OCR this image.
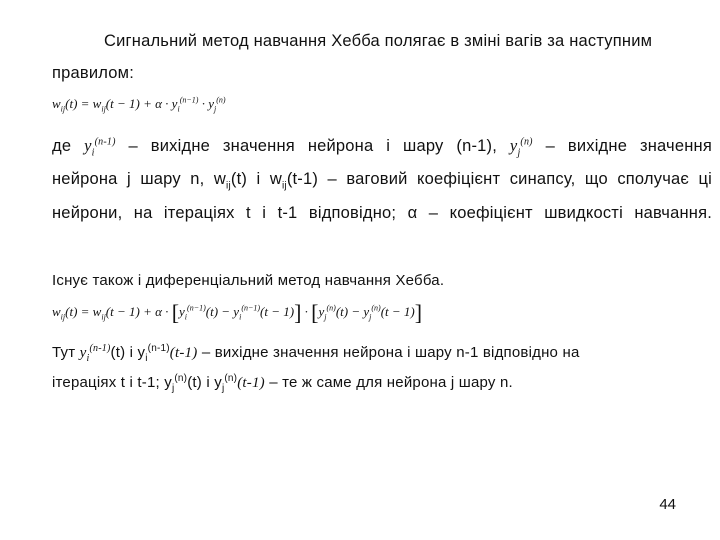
Сигнальний метод навчання Хебба полягає в зміні вагів за наступним
правилом:
$w_{ij}(t) = w_{ij}(t - 1) + \alpha \cdot y_i^{(n-1)} \cdot y_j^{(n)}$
де $y_i^{(n-1)}$ – вихідне значення нейрона і шару (n-1), $y_j^{(n)}$ – вихідне значення
нейрона j шару n, $w_{ij}(t)$ і $w_{ij}(t-1)$ – ваговий коефіцієнт синапсу, що сполучає ці
нейрони, на ітераціях t і t-1 відповідно; α – коефіцієнт швидкості навчання.
Існує також і диференціальний метод навчання Хебба.
$w_{ij}(t) = w_{ij}(t - 1) + \alpha \cdot [y_i^{(n-1)}(t) - y_i^{(n-1)}(t - 1)] \cdot [y_j^{(n)}(t) - y_j^{(n)}(t - 1)]$
Тут $y_i^{(n-1)}(t)$ і $y_i^{(n-1)}(t-1)$ – вихідне значення нейрона і шару n-1 відповідно на
ітераціях t і t-1; $y_j^{(n)}(t)$ і $y_j^{(n)}(t-1)$ – те ж саме для нейрона j шару n.
44
